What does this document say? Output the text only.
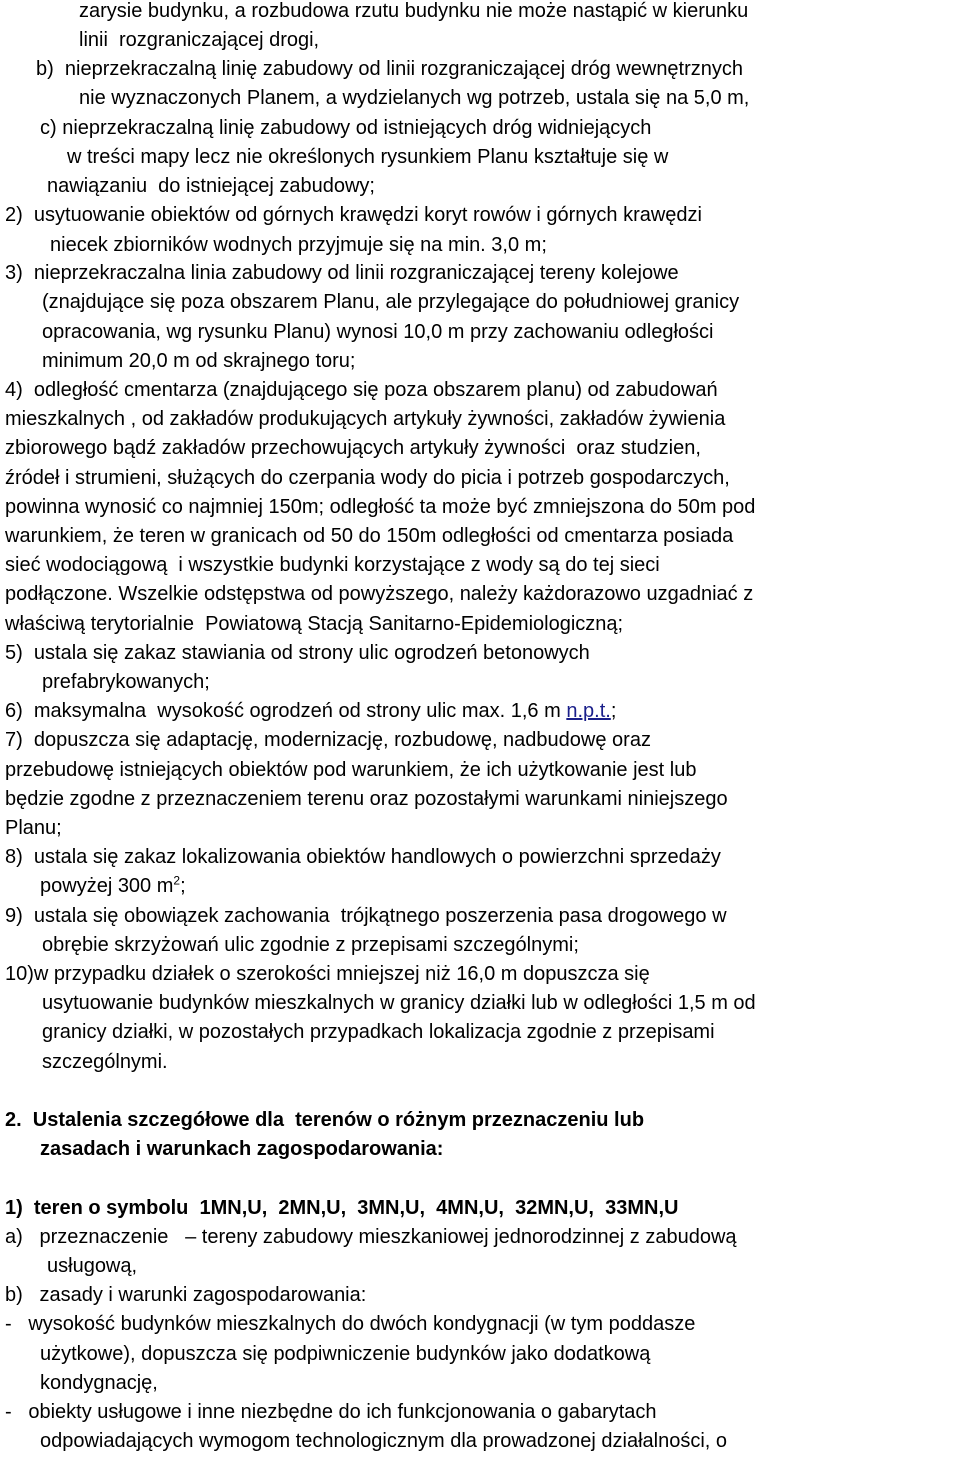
zarysie budynku, a rozbudowa rzutu budynku nie może nastąpić w kierunku
linii  rozgraniczającej drogi,
b)  nieprzekraczalną linię zabudowy od linii rozgraniczającej dróg wewnętrznych
nie wyznaczonych Planem, a wydzielanych wg potrzeb, ustala się na 5,0 m,
c) nieprzekraczalną linię zabudowy od istniejących dróg widniejących
w treści mapy lecz nie określonych rysunkiem Planu kształtuje się w
nawiązaniu  do istniejącej zabudowy;
2)  usytuowanie obiektów od górnych krawędzi koryt rowów i górnych krawędzi
niecek zbiorników wodnych przyjmuje się na min. 3,0 m;
3)  nieprzekraczalna linia zabudowy od linii rozgraniczającej tereny kolejowe
(znajdujące się poza obszarem Planu, ale przylegające do południowej granicy
opracowania, wg rysunku Planu) wynosi 10,0 m przy zachowaniu odległości
minimum 20,0 m od skrajnego toru;
4)  odległość cmentarza (znajdującego się poza obszarem planu) od zabudowań
mieszkalnych , od zakładów produkujących artykuły żywności, zakładów żywienia
zbiorowego bądź zakładów przechowujących artykuły żywności  oraz studzien,
źródeł i strumieni, służących do czerpania wody do picia i potrzeb gospodarczych,
powinna wynosić co najmniej 150m; odległość ta może być zmniejszona do 50m pod
warunkiem, że teren w granicach od 50 do 150m odległości od cmentarza posiada
sieć wodociągową  i wszystkie budynki korzystające z wody są do tej sieci
podłączone. Wszelkie odstępstwa od powyższego, należy każdorazowo uzgadniać z
właściwą terytorialnie  Powiatową Stacją Sanitarno-Epidemiologiczną;
5)  ustala się zakaz stawiania od strony ulic ogrodzeń betonowych
prefabrykowanych;
6)  maksymalna  wysokość ogrodzeń od strony ulic max. 1,6 m n.p.t.;
7)  dopuszcza się adaptację, modernizację, rozbudowę, nadbudowę oraz
przebudowę istniejących obiektów pod warunkiem, że ich użytkowanie jest lub
będzie zgodne z przeznaczeniem terenu oraz pozostałymi warunkami niniejszego
Planu;
8)  ustala się zakaz lokalizowania obiektów handlowych o powierzchni sprzedaży
powyżej 300 $m^2$;
9)  ustala się obowiązek zachowania  trójkątnego poszerzenia pasa drogowego w
obrębie skrzyżowań ulic zgodnie z przepisami szczególnymi;
10)w przypadku działek o szerokości mniejszej niż 16,0 m dopuszcza się
usytuowanie budynków mieszkalnych w granicy działki lub w odległości 1,5 m od
granicy działki, w pozostałych przypadkach lokalizacja zgodnie z przepisami
szczególnymi.
2.  Ustalenia szczegółowe dla  terenów o różnym przeznaczeniu lub
zasadach i warunkach zagospodarowania:
1)  teren o symbolu  1MN,U,  2MN,U,  3MN,U,  4MN,U,  32MN,U,  33MN,U
a)   przeznaczenie   – tereny zabudowy mieszkaniowej jednorodzinnej z zabudową
usługową,
b)   zasady i warunki zagospodarowania:
-   wysokość budynków mieszkalnych do dwóch kondygnacji (w tym poddasze
użytkowe), dopuszcza się podpiwniczenie budynków jako dodatkową
kondygnację,
-   obiekty usługowe i inne niezbędne do ich funkcjonowania o gabarytach
odpowiadających wymogom technologicznym dla prowadzonej działalności, o
